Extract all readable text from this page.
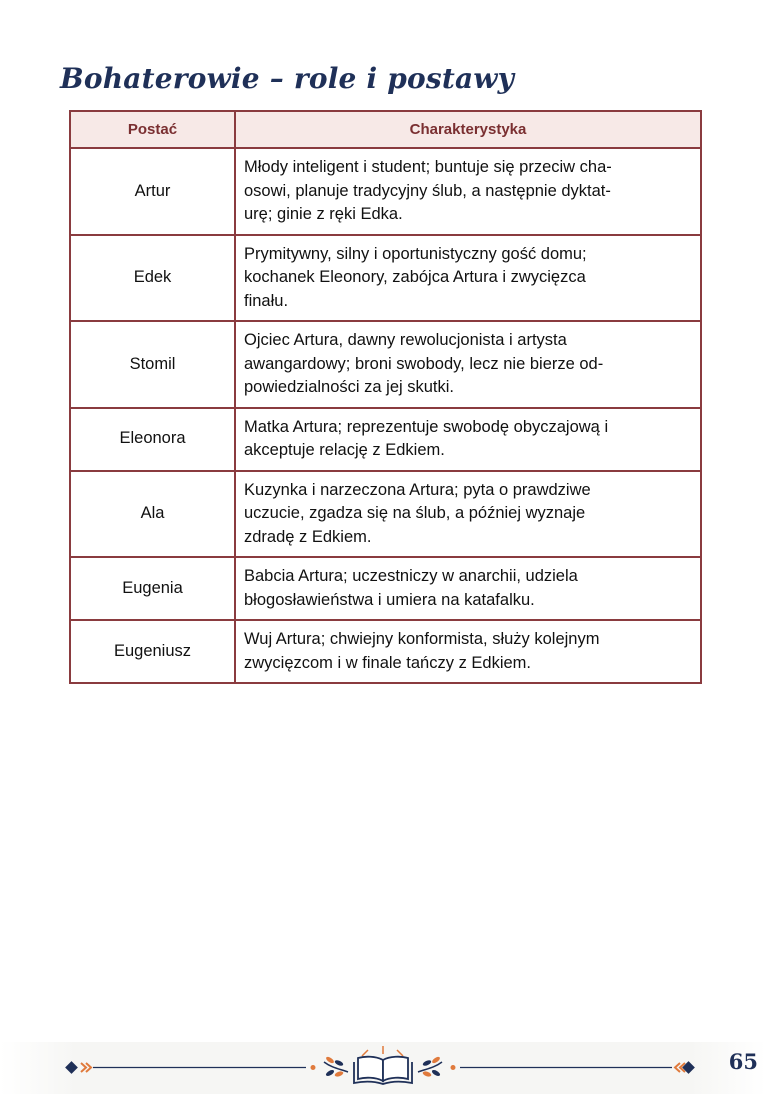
Bohaterowie – role i postawy
Postać	Charakterystyka
Artur	Młody inteligent i student; buntuje się przeciw cha-
osowi, planuje tradycyjny ślub, a następnie dyktat-
urę; ginie z ręki Edka.
Edek	Prymitywny, silny i oportunistyczny gość domu;
kochanek Eleonory, zabójca Artura i zwycięzca
finału.
Stomil	Ojciec Artura, dawny rewolucjonista i artysta
awangardowy; broni swobody, lecz nie bierze od-
powiedzialności za jej skutki.
Eleonora	Matka Artura; reprezentuje swobodę obyczajową i
akceptuje relację z Edkiem.
Ala	Kuzynka i narzeczona Artura; pyta o prawdziwe
uczucie, zgadza się na ślub, a później wyznaje
zdradę z Edkiem.
Eugenia	Babcia Artura; uczestniczy w anarchii, udziela
błogosławieństwa i umiera na katafalku.
Eugeniusz	Wuj Artura; chwiejny konformista, służy kolejnym
zwycięzcom i w finale tańczy z Edkiem.
65
